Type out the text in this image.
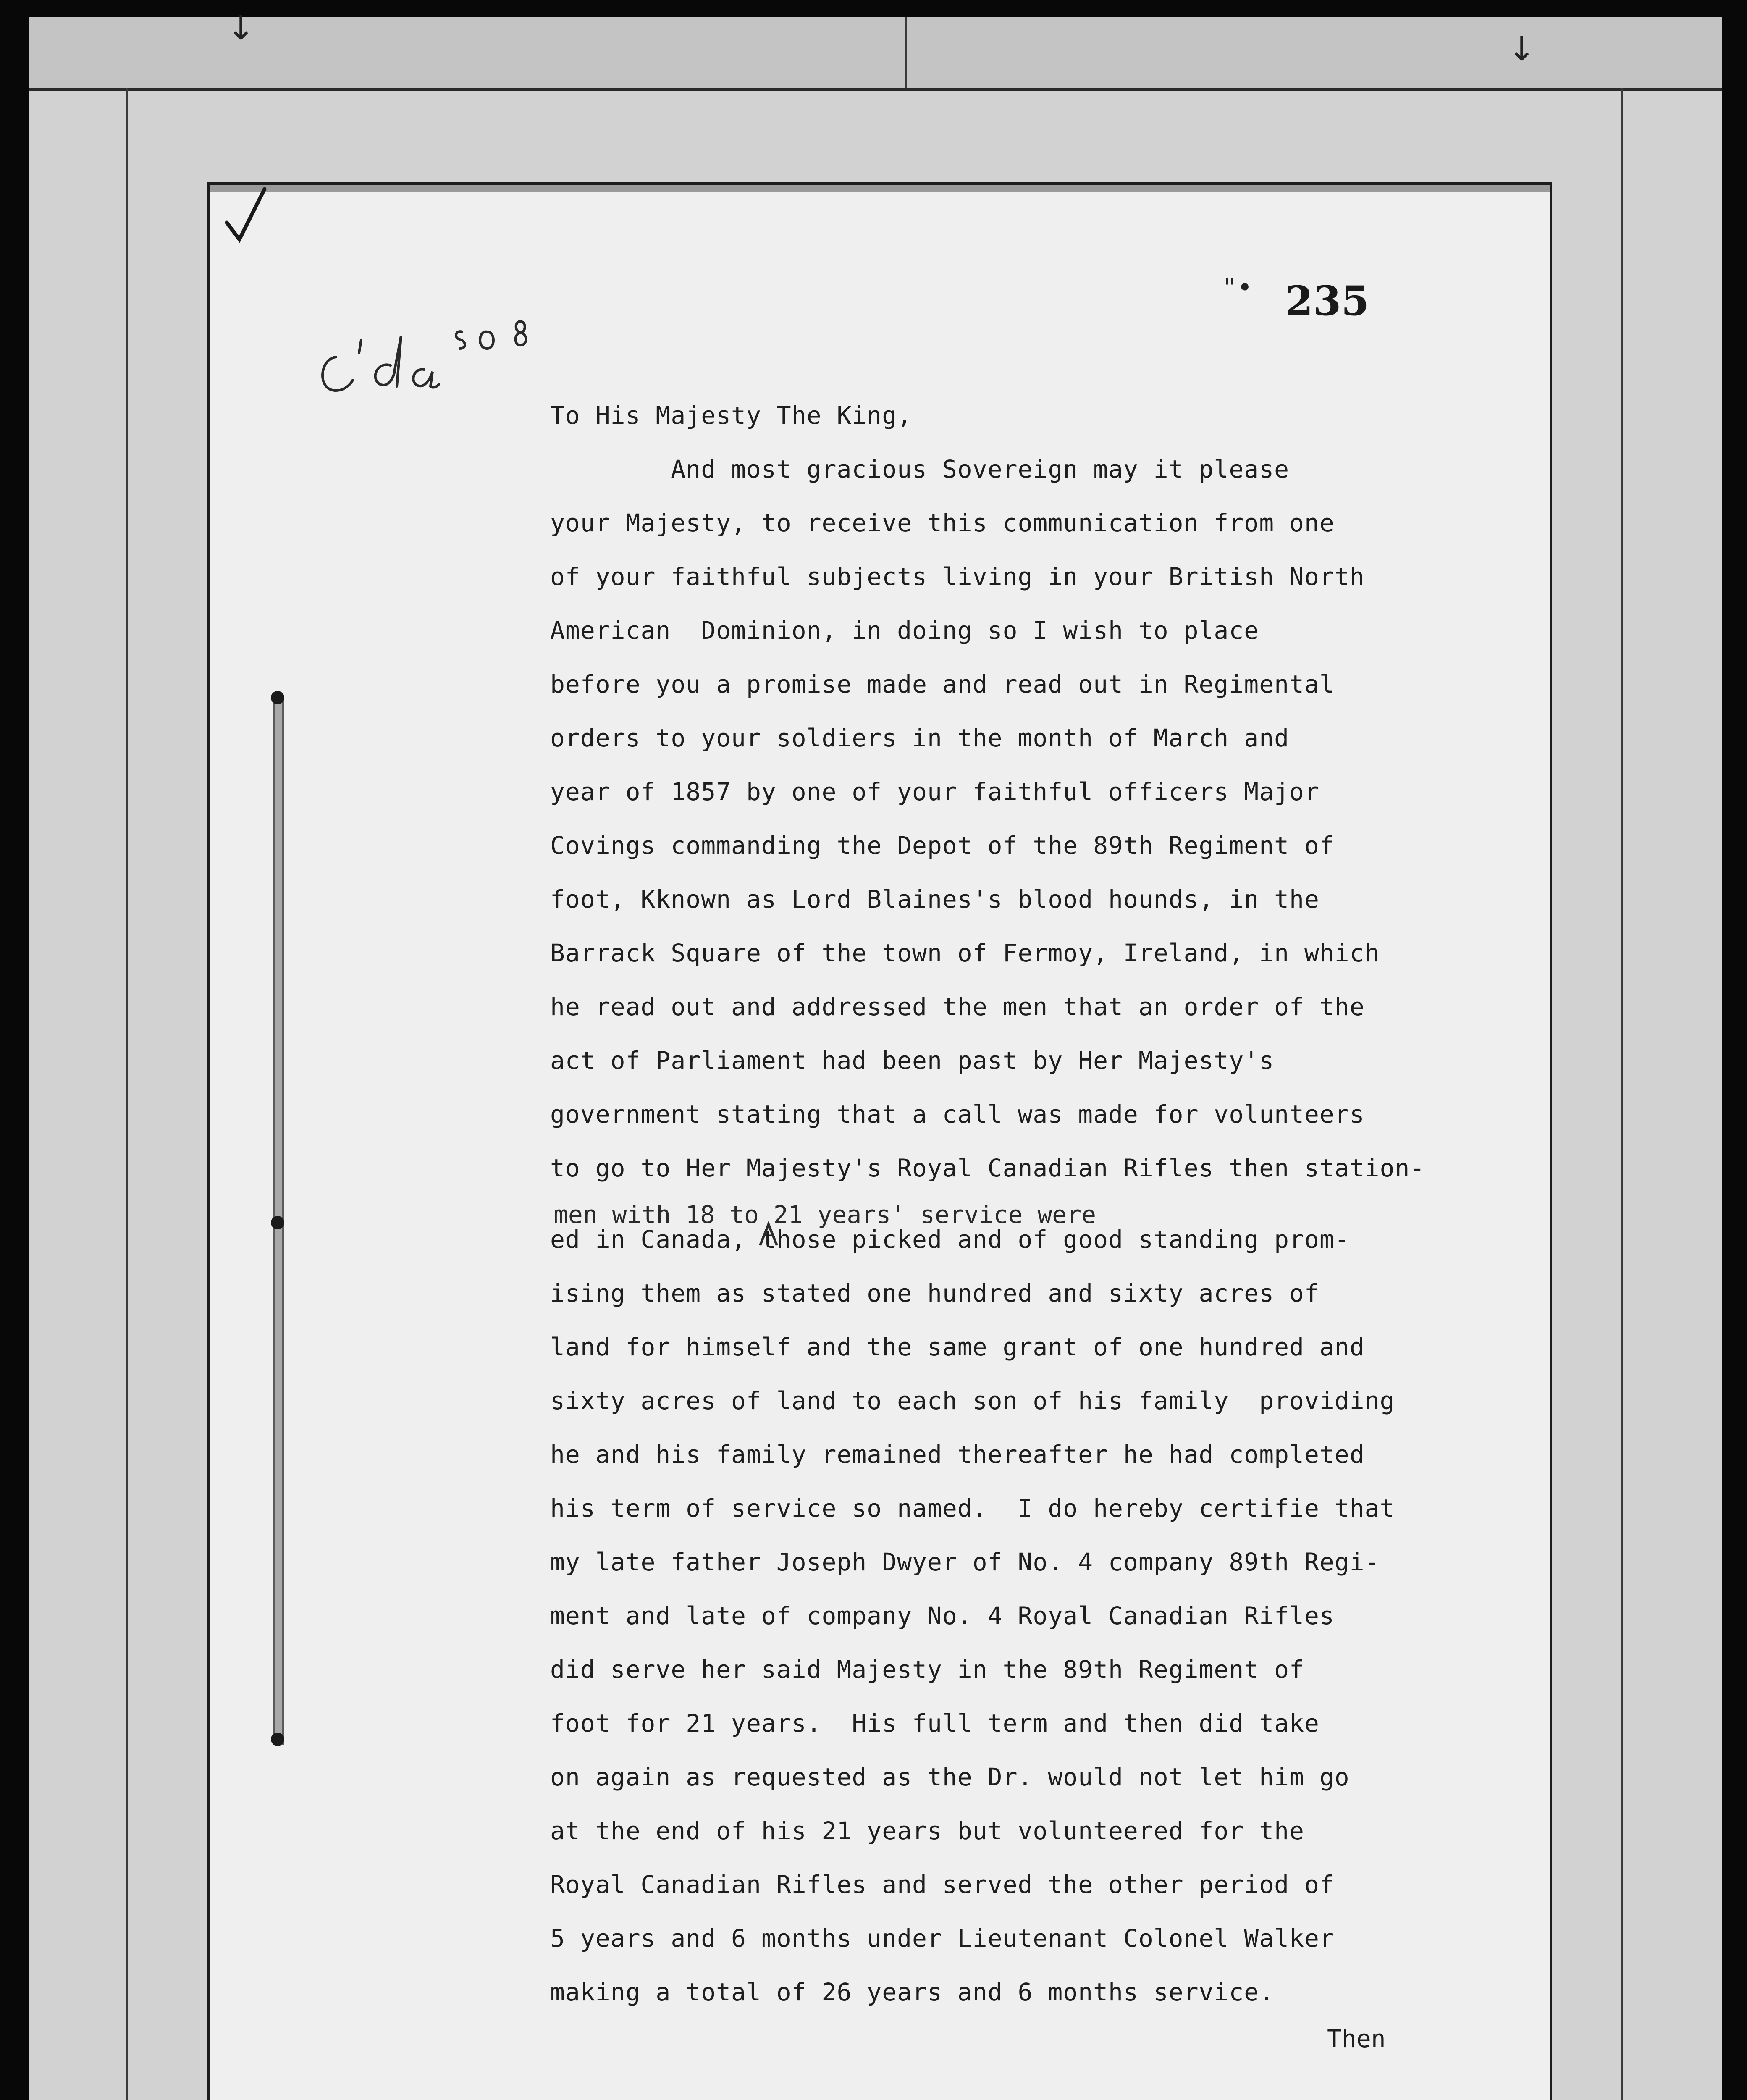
↓
↓
"• 235
To His Majesty The King,
And most gracious Sovereign may it please
your Majesty, to receive this communication from one
of your faithful subjects living in your British North
American  Dominion, in doing so I wish to place
before you a promise made and read out in Regimental
orders to your soldiers in the month of March and
year of 1857 by one of your faithful officers Major
Covings commanding the Depot of the 89th Regiment of
foot, Kknown as Lord Blaines's blood hounds, in the
Barrack Square of the town of Fermoy, Ireland, in which
he read out and addressed the men that an order of the
act of Parliament had been past by Her Majesty's
government stating that a call was made for volunteers
to go to Her Majesty's Royal Canadian Rifles then station-
ed in Canada, those picked and of good standing prom-
ising them as stated one hundred and sixty acres of
land for himself and the same grant of one hundred and
sixty acres of land to each son of his family  providing
he and his family remained thereafter he had completed
his term of service so named.  I do hereby certifie that
my late father Joseph Dwyer of No. 4 company 89th Regi-
ment and late of company No. 4 Royal Canadian Rifles
did serve her said Majesty in the 89th Regiment of
foot for 21 years.  His full term and then did take
on again as requested as the Dr. would not let him go
at the end of his 21 years but volunteered for the
Royal Canadian Rifles and served the other period of
5 years and 6 months under Lieutenant Colonel Walker
making a total of 26 years and 6 months service.
men with 18 to 21 years' service were
Then
